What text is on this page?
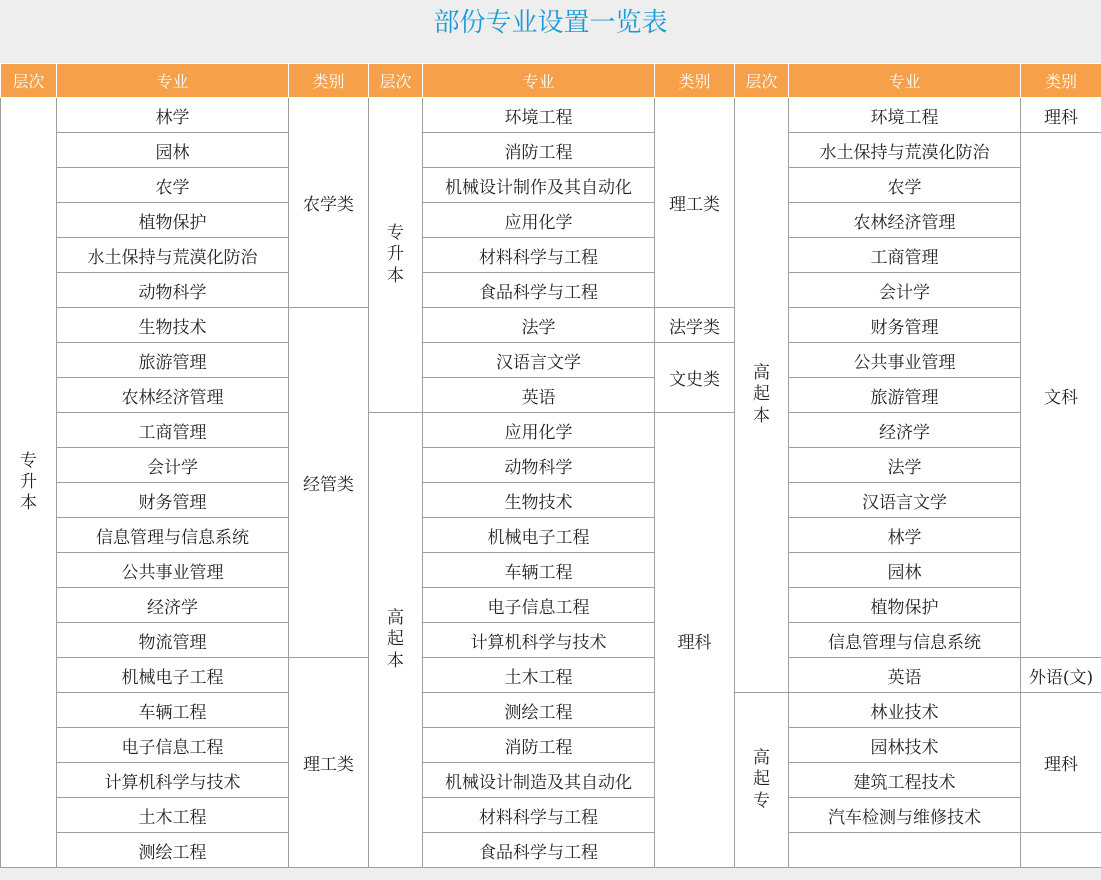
部份专业设置一览表
层次	专业	类别	层次	专业	类别	层次	专业	类别
专升本	林学	农学类	专升本	环境工程	理工类	高起本	环境工程	理科
	园林			消防工程			水土保持与荒漠化防治	文科
	农学			机械设计制作及其自动化			农学	
	植物保护			应用化学			农林经济管理	
	水土保持与荒漠化防治			材料科学与工程			工商管理	
	动物科学			食品科学与工程			会计学	
	生物技术	经管类		法学	法学类		财务管理	
	旅游管理			汉语言文学	文史类		公共事业管理	
	农林经济管理			英语			旅游管理	
	工商管理		高起本	应用化学	理科		经济学	
	会计学			动物科学			法学	
	财务管理			生物技术			汉语言文学	
	信息管理与信息系统			机械电子工程			林学	
	公共事业管理			车辆工程			园林	
	经济学			电子信息工程			植物保护	
	物流管理			计算机科学与技术			信息管理与信息系统	
	机械电子工程	理工类		土木工程			英语	外语(文)
	车辆工程			测绘工程		高起专	林业技术	理科
	电子信息工程			消防工程			园林技术	
	计算机科学与技术			机械设计制造及其自动化			建筑工程技术	
	土木工程			材料科学与工程			汽车检测与维修技术	
	测绘工程			食品科学与工程				
